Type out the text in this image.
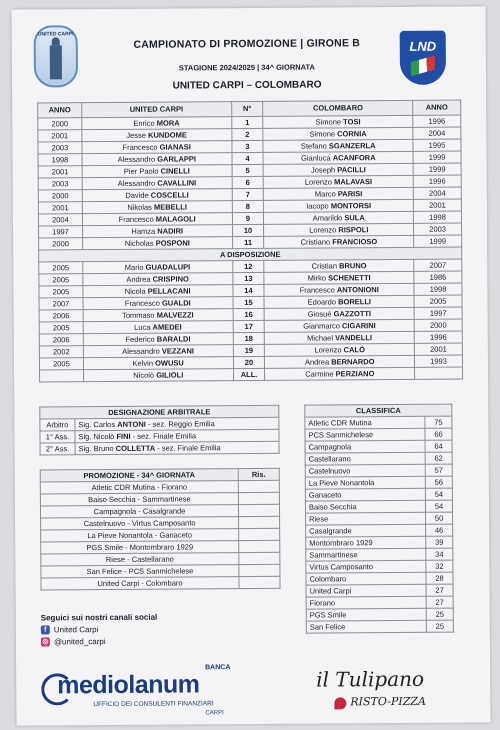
UNITED CARPI
CAMPIONATO DI PROMOZIONE | GIRONE B
STAGIONE 2024/2025 | 34^ GIORNATA
UNITED CARPI – COLOMBARO
LND
ANNO	UNITED CARPI	N°	COLOMBARO	ANNO
2000	Enrico MORA	1	Simone TOSI	1996
2001	Jesse KUNDOME	2	Simone CORNIA	2004
2003	Francesco GIANASI	3	Stefano SGANZERLA	1995
1998	Alessandro GARLAPPI	4	Gianluca ACANFORA	1999
2001	Pier Paolo CINELLI	5	Joseph PACILLI	1999
2003	Alessandro CAVALLINI	6	Lorenzo MALAVASI	1996
2000	Davide COSCELLI	7	Marco PARISI	2004
2001	Nikolas MEBELLI	8	Iacopo MONTORSI	2001
2004	Francesco MALAGOLI	9	Amarildo SULA	1998
1997	Hamza NADIRI	10	Lorenzo RISPOLI	2003
2000	Nicholas POSPONI	11	Cristiano FRANCIOSO	1999
A DISPOSIZIONE				
2005	Mario GUADALUPI	12	Cristian BRUNO	2007
2005	Andrea CRISPINO	13	Mirko SCHENETTI	1986
2005	Nicola PELLACANI	14	Francesco ANTONIONI	1998
2007	Francesco GUALDI	15	Edoardo BORELLI	2005
2006	Tommaso MALVEZZI	16	Giosuè GAZZOTTI	1997
2005	Luca AMEDEI	17	Gianmarco CIGARINI	2000
2006	Federico BARALDI	18	Michael VANDELLI	1996
2002	Alessandro VEZZANI	19	Lorenzo CALÒ	2001
2005	Kelvin OWUSU	20	Andrea BERNARDO	1993
	Nicolò GILIOLI	ALL.	Carmine PERZIANO	
DESIGNAZIONE ARBITRALE	
Arbitro	Sig. Carlos ANTONI - sez. Reggio Emilia
1° Ass.	Sig. Nicolò FINI - sez. Finale Emilia
2° Ass.	Sig. Bruno COLLETTA - sez. Finale Emilia
PROMOZIONE - 34^ GIORNATA	Ris.
Atletic CDR Mutina - Fiorano	
Baiso Secchia - Sammartinese	
Campagnola - Casalgrande	
Castelnuovo - Virtus Camposanto	
La Pieve Nonantola - Ganaceto	
PGS Smile - Montombraro 1929	
Riese - Castellarano	
San Felice - PCS Sanmichelese	
United Carpi - Colombaro	
CLASSIFICA	
Atletic CDR Mutina	75
PCS Sanmichelese	66
Campagnola	64
Castellarano	62
Castelnuovo	57
La Pieve Nonantola	56
Ganaceto	54
Baiso Secchia	54
Riese	50
Casalgrande	46
Montombraro 1929	39
Sammartinese	34
Virtus Camposanto	32
Colombaro	28
United Carpi	27
Fiorano	27
PGS Smile	25
San Felice	25
Seguici sui nostri canali social
f United Carpi
◎ @united_carpi
BANCA
mediolanum
UFFICIO DEI CONSULENTI FINANZIARI
CARPI
il Tulipano
RISTO-PIZZA
